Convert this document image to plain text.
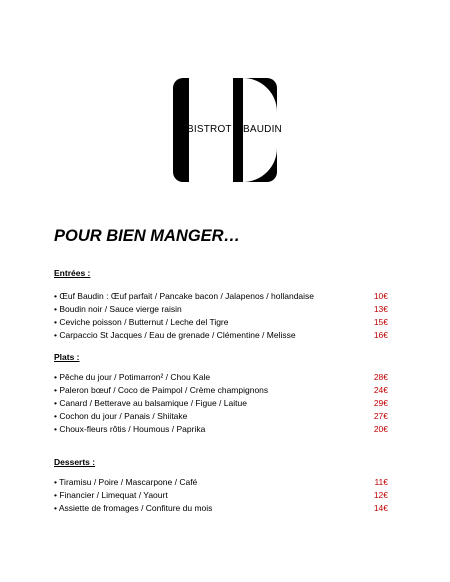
BISTROT BAUDIN
POUR BIEN MANGER…
Entrées :
• Œuf Baudin : Œuf parfait / Pancake bacon / Jalapenos / hollandaise	10€
• Boudin noir / Sauce vierge raisin	13€
• Ceviche poisson / Butternut / Leche del Tigre	15€
• Carpaccio St Jacques / Eau de grenade / Clémentine / Melisse	16€
Plats :
• Pêche du jour / Potimarron² / Chou Kale	28€
• Paleron bœuf / Coco de Paimpol / Crème champignons	24€
• Canard / Betterave au balsamique / Figue / Laitue	29€
• Cochon du jour / Panais / Shiitake	27€
• Choux-fleurs rôtis / Houmous / Paprika	20€
Desserts :
• Tiramisu / Poire / Mascarpone / Café	11€
• Financier / Limequat / Yaourt	12€
• Assiette de fromages / Confiture du mois	14€
